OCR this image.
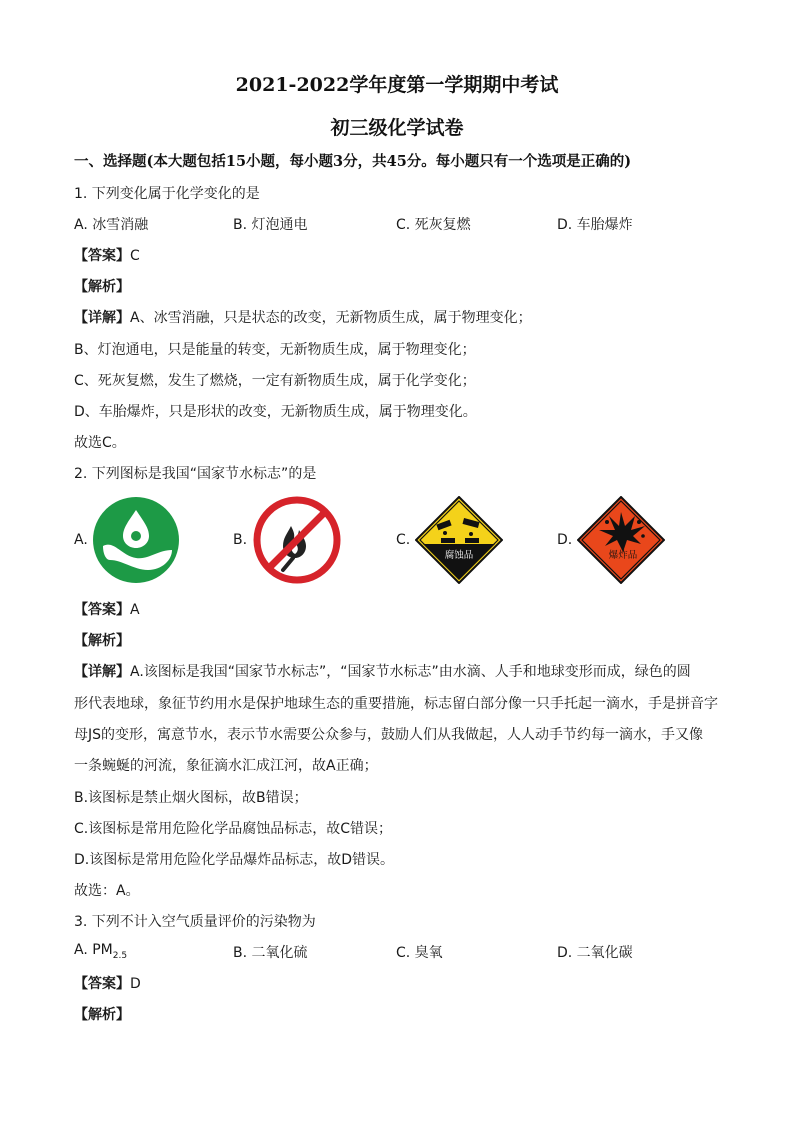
2021-2022学年度第一学期期中考试
初三级化学试卷
一、选择题(本大题包括15小题，每小题3分，共45分。每小题只有一个选项是正确的)
1. 下列变化属于化学变化的是
A. 冰雪消融	B. 灯泡通电	C. 死灰复燃	D. 车胎爆炸
【答案】C
【解析】
【详解】A、冰雪消融，只是状态的改变，无新物质生成，属于物理变化；
B、灯泡通电，只是能量的转变，无新物质生成，属于物理变化；
C、死灰复燃，发生了燃烧，一定有新物质生成，属于化学变化；
D、车胎爆炸，只是形状的改变，无新物质生成，属于物理变化。
故选C。
2. 下列图标是我国“国家节水标志”的是
A.	B.	C.
腐蚀品
D.
爆炸品
【答案】A
【解析】
【详解】A.该图标是我国“国家节水标志”，“国家节水标志”由水滴、人手和地球变形而成，绿色的圆
形代表地球，象征节约用水是保护地球生态的重要措施，标志留白部分像一只手托起一滴水，手是拼音字
母JS的变形，寓意节水，表示节水需要公众参与，鼓励人们从我做起，人人动手节约每一滴水，手又像
一条蜿蜒的河流，象征滴水汇成江河，故A正确；
B.该图标是禁止烟火图标，故B错误；
C.该图标是常用危险化学品腐蚀品标志，故C错误；
D.该图标是常用危险化学品爆炸品标志，故D错误。
故选：A。
3. 下列不计入空气质量评价的污染物为
A. $PM_{2.5}$	B. 二氧化硫	C. 臭氧	D. 二氧化碳
【答案】D
【解析】
